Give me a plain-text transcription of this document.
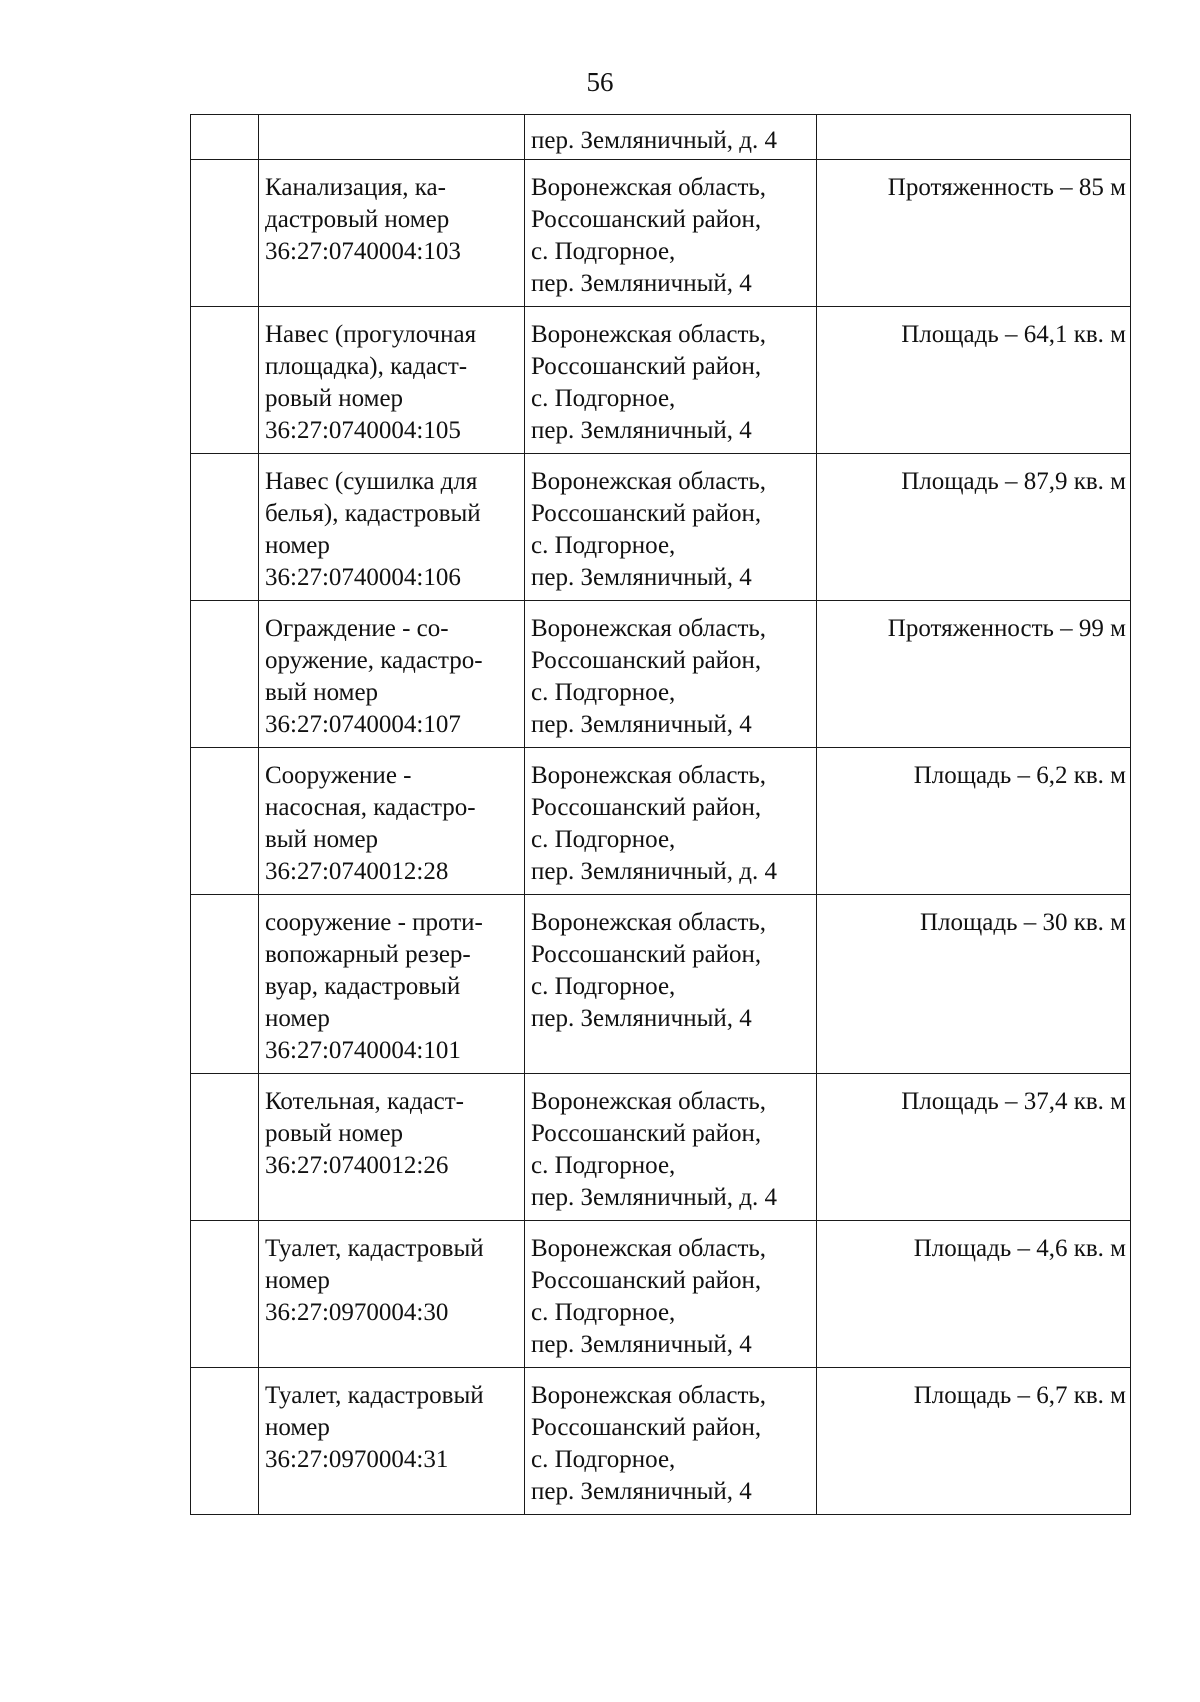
56

		пер. Земляничный, д. 4	

	Канализация, ка-
дастровый номер
36:27:0740004:103	Воронежская область,
Россошанский район,
с. Подгорное,
пер. Земляничный, 4	Протяженность – 85 м

	Навес (прогулочная
площадка), кадаст-
ровый номер
36:27:0740004:105	Воронежская область,
Россошанский район,
с. Подгорное,
пер. Земляничный, 4	Площадь – 64,1 кв. м

	Навес (сушилка для
белья), кадастровый
номер
36:27:0740004:106	Воронежская область,
Россошанский район,
с. Подгорное,
пер. Земляничный, 4	Площадь – 87,9 кв. м

	Ограждение - со-
оружение, кадастро-
вый номер
36:27:0740004:107	Воронежская область,
Россошанский район,
с. Подгорное,
пер. Земляничный, 4	Протяженность – 99 м

	Сооружение -
насосная, кадастро-
вый номер
36:27:0740012:28	Воронежская область,
Россошанский район,
с. Подгорное,
пер. Земляничный, д. 4	Площадь – 6,2 кв. м

	сооружение - проти-
вопожарный резер-
вуар, кадастровый
номер
36:27:0740004:101	Воронежская область,
Россошанский район,
с. Подгорное,
пер. Земляничный, 4	Площадь – 30 кв. м

	Котельная, кадаст-
ровый номер
36:27:0740012:26	Воронежская область,
Россошанский район,
с. Подгорное,
пер. Земляничный, д. 4	Площадь – 37,4 кв. м

	Туалет, кадастровый
номер
36:27:0970004:30	Воронежская область,
Россошанский район,
с. Подгорное,
пер. Земляничный, 4	Площадь – 4,6 кв. м

	Туалет, кадастровый
номер
36:27:0970004:31	Воронежская область,
Россошанский район,
с. Подгорное,
пер. Земляничный, 4	Площадь – 6,7 кв. м
